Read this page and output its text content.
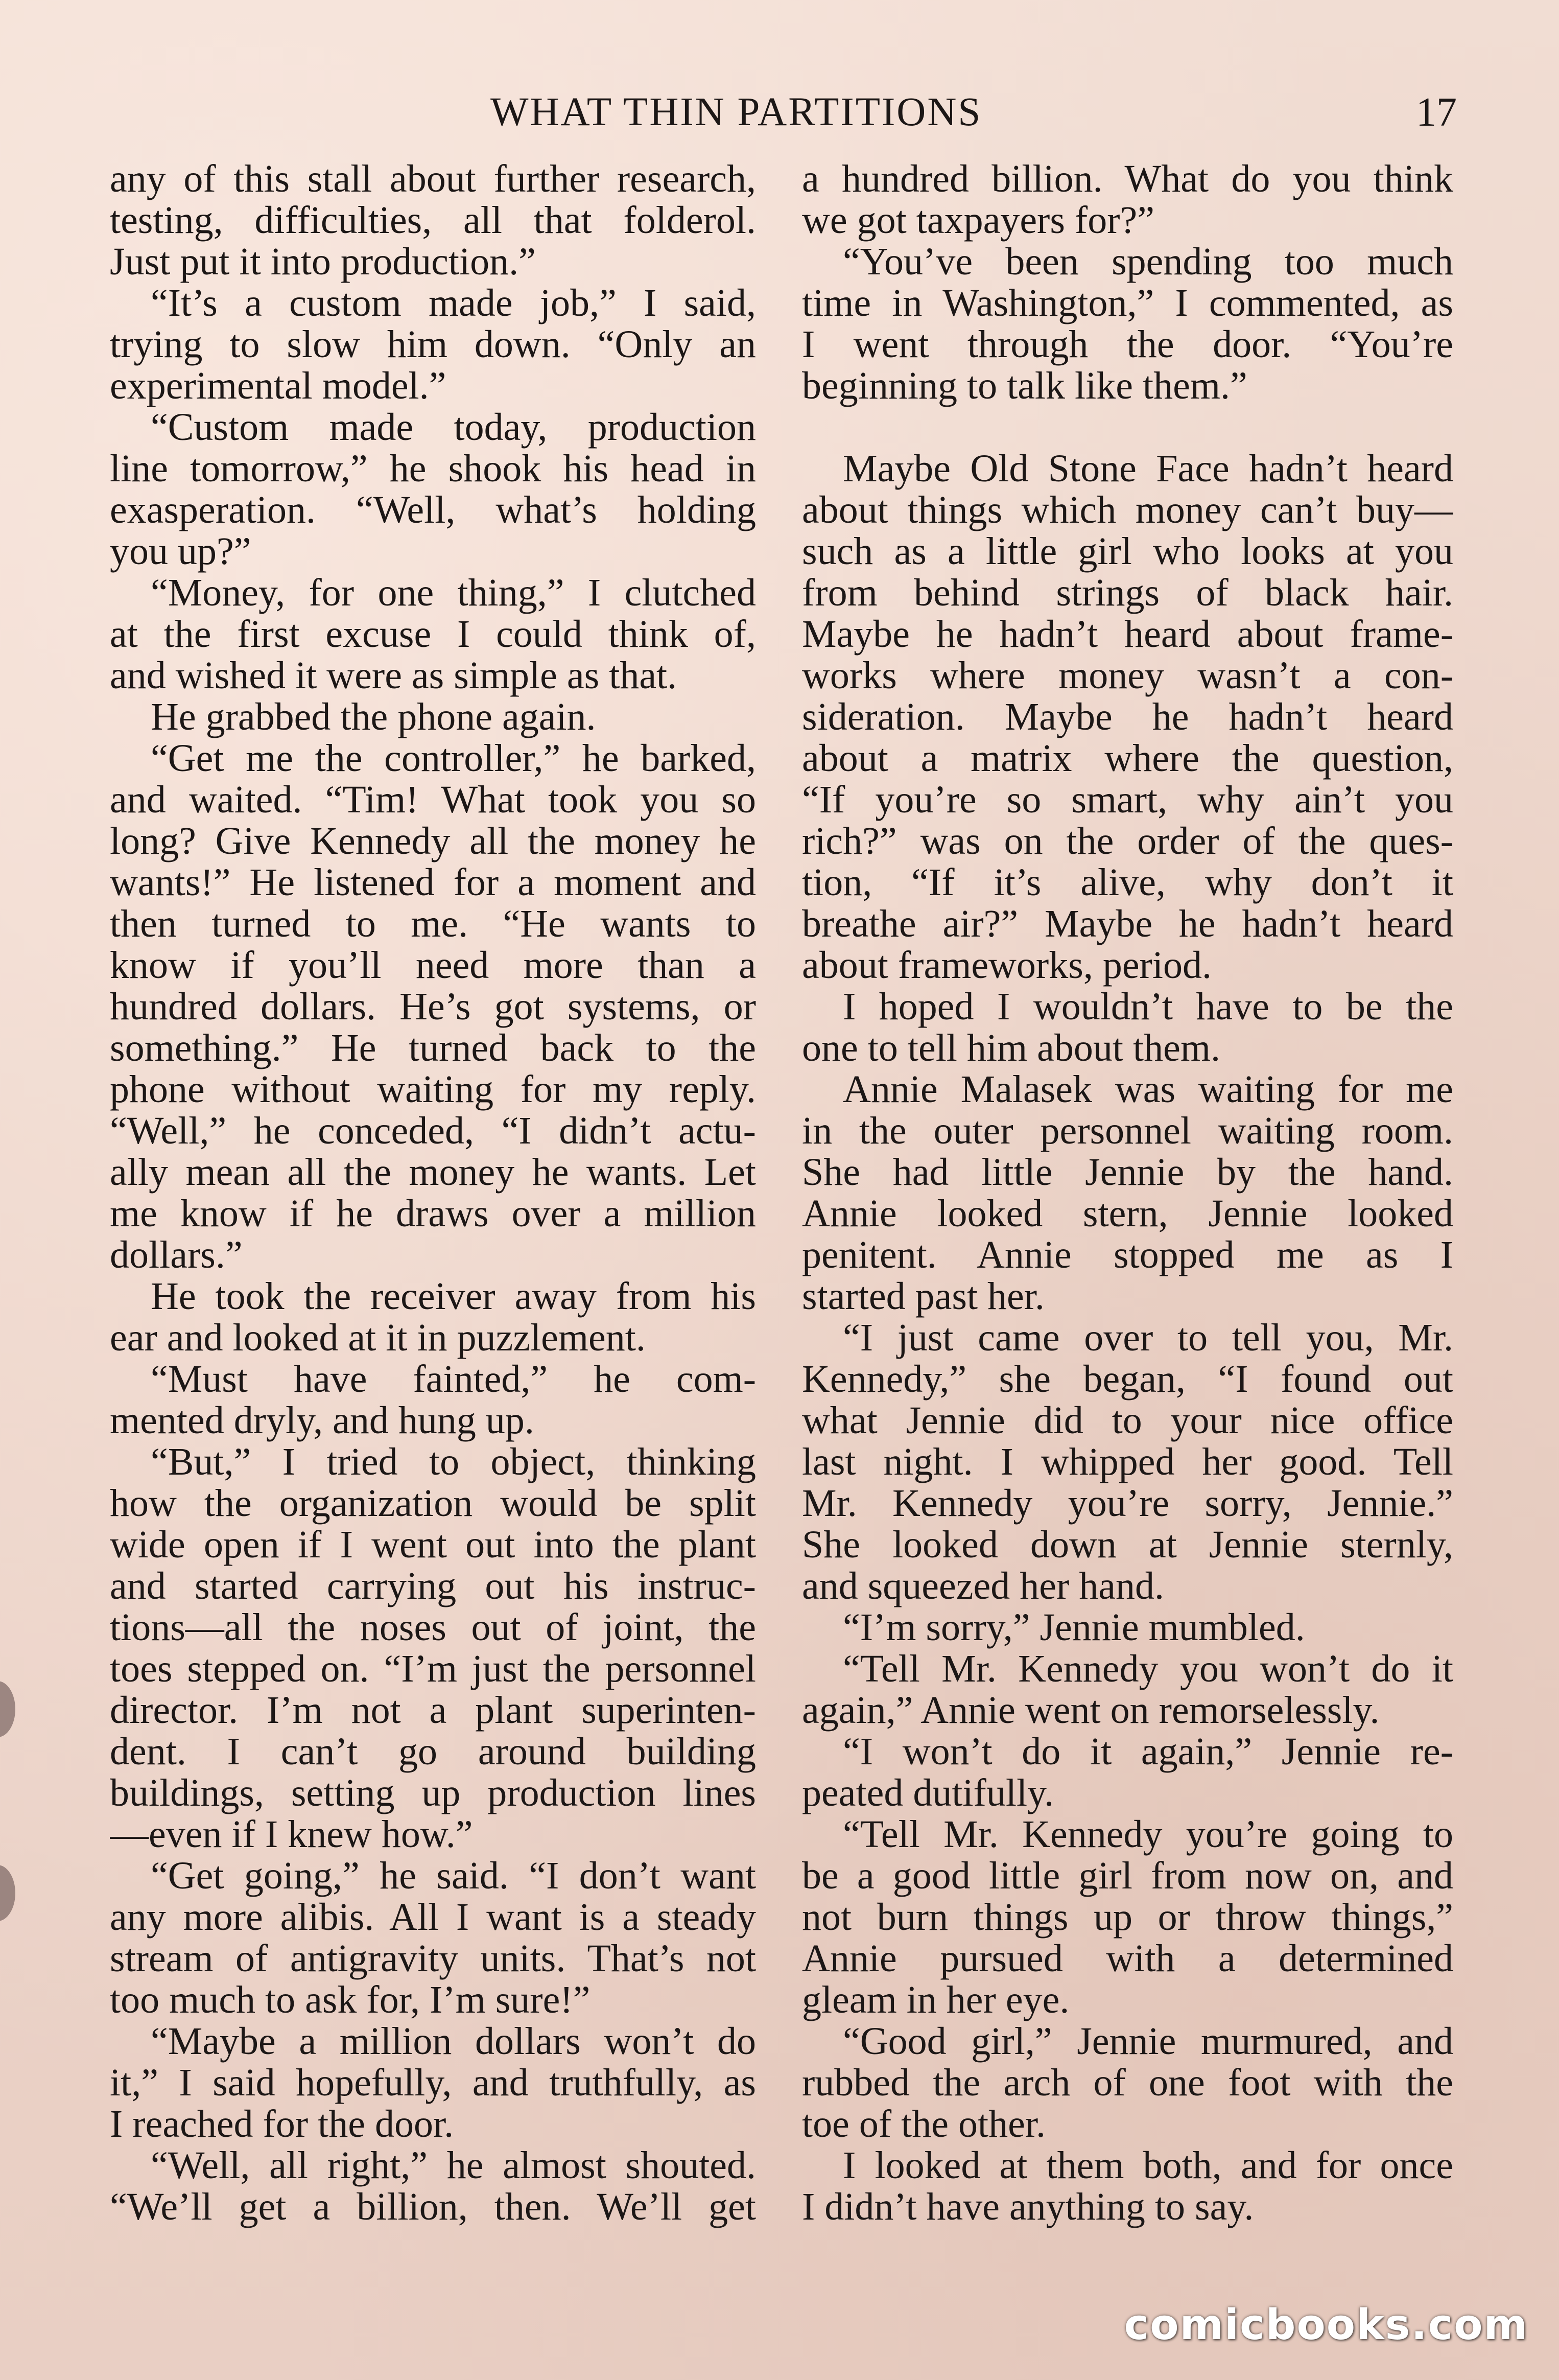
WHAT THIN PARTITIONS	17
any of this stall about further research,
testing, difficulties, all that folderol.
Just put it into production.”
“It’s a custom made job,” I said,
trying to slow him down. “Only an
experimental model.”
“Custom made today, production
line tomorrow,” he shook his head in
exasperation. “Well, what’s holding
you up?”
“Money, for one thing,” I clutched
at the first excuse I could think of,
and wished it were as simple as that.
He grabbed the phone again.
“Get me the controller,” he barked,
and waited. “Tim! What took you so
long? Give Kennedy all the money he
wants!” He listened for a moment and
then turned to me. “He wants to
know if you’ll need more than a
hundred dollars. He’s got systems, or
something.” He turned back to the
phone without waiting for my reply.
“Well,” he conceded, “I didn’t actu-
ally mean all the money he wants. Let
me know if he draws over a million
dollars.”
He took the receiver away from his
ear and looked at it in puzzlement.
“Must have fainted,” he com-
mented dryly, and hung up.
“But,” I tried to object, thinking
how the organization would be split
wide open if I went out into the plant
and started carrying out his instruc-
tions—all the noses out of joint, the
toes stepped on. “I’m just the personnel
director. I’m not a plant superinten-
dent. I can’t go around building
buildings, setting up production lines
—even if I knew how.”
“Get going,” he said. “I don’t want
any more alibis. All I want is a steady
stream of antigravity units. That’s not
too much to ask for, I’m sure!”
“Maybe a million dollars won’t do
it,” I said hopefully, and truthfully, as
I reached for the door.
“Well, all right,” he almost shouted.
“We’ll get a billion, then. We’ll get
a hundred billion. What do you think
we got taxpayers for?”
“You’ve been spending too much
time in Washington,” I commented, as
I went through the door. “You’re
beginning to talk like them.”
Maybe Old Stone Face hadn’t heard
about things which money can’t buy—
such as a little girl who looks at you
from behind strings of black hair.
Maybe he hadn’t heard about frame-
works where money wasn’t a con-
sideration. Maybe he hadn’t heard
about a matrix where the question,
“If you’re so smart, why ain’t you
rich?” was on the order of the ques-
tion, “If it’s alive, why don’t it
breathe air?” Maybe he hadn’t heard
about frameworks, period.
I hoped I wouldn’t have to be the
one to tell him about them.
Annie Malasek was waiting for me
in the outer personnel waiting room.
She had little Jennie by the hand.
Annie looked stern, Jennie looked
penitent. Annie stopped me as I
started past her.
“I just came over to tell you, Mr.
Kennedy,” she began, “I found out
what Jennie did to your nice office
last night. I whipped her good. Tell
Mr. Kennedy you’re sorry, Jennie.”
She looked down at Jennie sternly,
and squeezed her hand.
“I’m sorry,” Jennie mumbled.
“Tell Mr. Kennedy you won’t do it
again,” Annie went on remorselessly.
“I won’t do it again,” Jennie re-
peated dutifully.
“Tell Mr. Kennedy you’re going to
be a good little girl from now on, and
not burn things up or throw things,”
Annie pursued with a determined
gleam in her eye.
“Good girl,” Jennie murmured, and
rubbed the arch of one foot with the
toe of the other.
I looked at them both, and for once
I didn’t have anything to say.
comicbooks.com
